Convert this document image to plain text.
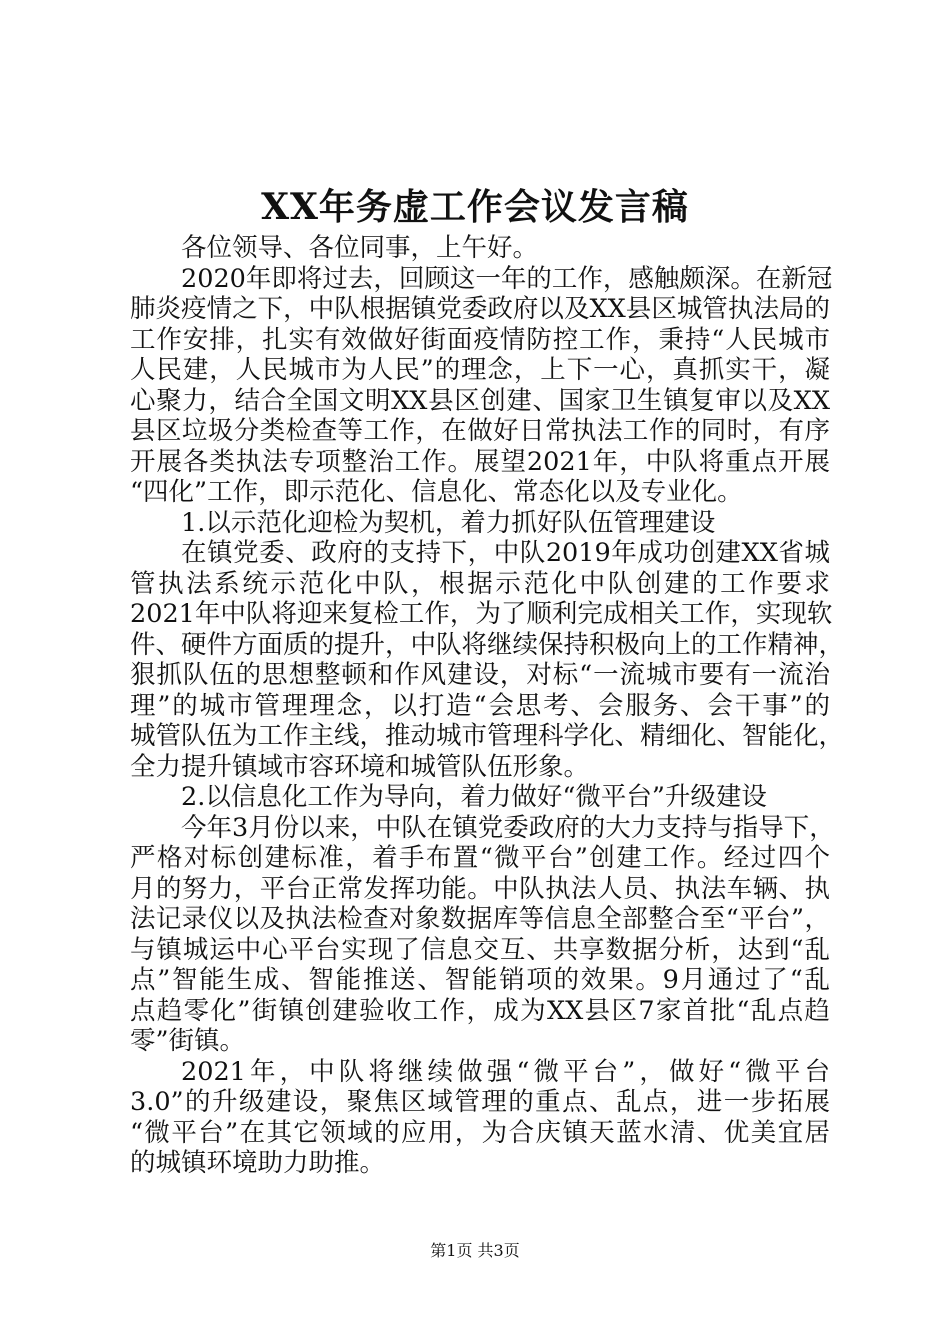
XX年务虚工作会议发言稿

各位领导、各位同事，上午好。

2020年即将过去，回顾这一年的工作，感触颇深。在新冠
肺炎疫情之下，中队根据镇党委政府以及XX县区城管执法局的
工作安排，扎实有效做好街面疫情防控工作，秉持“人民城市
人民建，人民城市为人民”的理念，上下一心，真抓实干，凝
心聚力，结合全国文明XX县区创建、国家卫生镇复审以及XX
县区垃圾分类检查等工作，在做好日常执法工作的同时，有序
开展各类执法专项整治工作。展望2021年，中队将重点开展
“四化”工作，即示范化、信息化、常态化以及专业化。

1.以示范化迎检为契机，着力抓好队伍管理建设

在镇党委、政府的支持下，中队2019年成功创建XX省城
管执法系统示范化中队，根据示范化中队创建的工作要求
2021年中队将迎来复检工作，为了顺利完成相关工作，实现软
件、硬件方面质的提升，中队将继续保持积极向上的工作精神，
狠抓队伍的思想整顿和作风建设，对标“一流城市要有一流治
理”的城市管理理念，以打造“会思考、会服务、会干事”的
城管队伍为工作主线，推动城市管理科学化、精细化、智能化，
全力提升镇域市容环境和城管队伍形象。

2.以信息化工作为导向，着力做好“微平台”升级建设

今年3月份以来，中队在镇党委政府的大力支持与指导下，
严格对标创建标准，着手布置“微平台”创建工作。经过四个
月的努力，平台正常发挥功能。中队执法人员、执法车辆、执
法记录仪以及执法检查对象数据库等信息全部整合至“平台”，
与镇城运中心平台实现了信息交互、共享数据分析，达到“乱
点”智能生成、智能推送、智能销项的效果。9月通过了“乱
点趋零化”街镇创建验收工作，成为XX县区7家首批“乱点趋
零”街镇。

2021年，中队将继续做强“微平台”，做好“微平台
3.0”的升级建设，聚焦区域管理的重点、乱点，进一步拓展
“微平台”在其它领域的应用，为合庆镇天蓝水清、优美宜居
的城镇环境助力助推。

第1页 共3页
